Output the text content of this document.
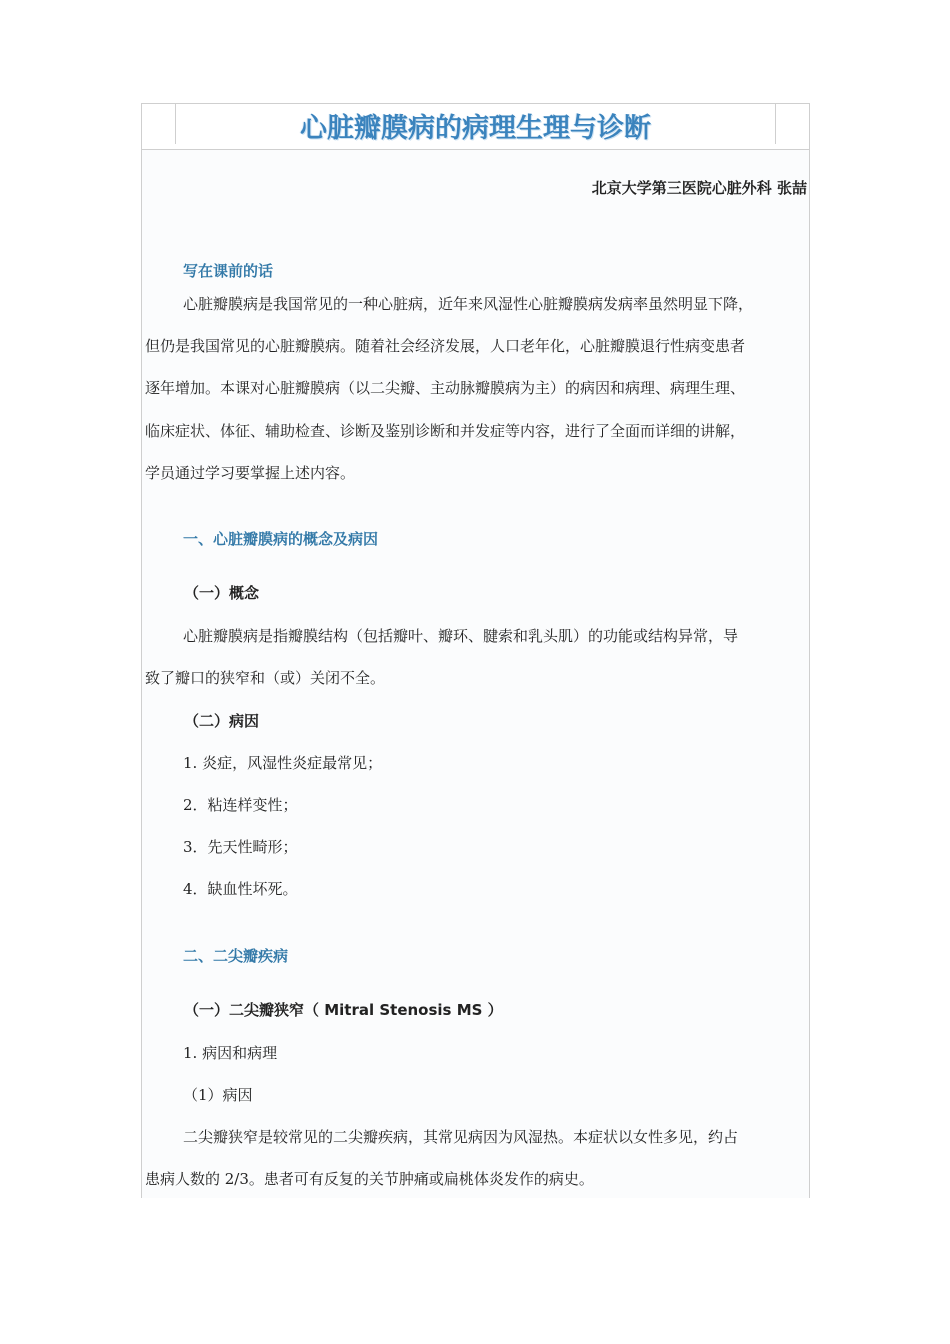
心脏瓣膜病的病理生理与诊断
北京大学第三医院心脏外科 张喆
写在课前的话
心脏瓣膜病是我国常见的一种心脏病，近年来风湿性心脏瓣膜病发病率虽然明显下降，
但仍是我国常见的心脏瓣膜病。随着社会经济发展，人口老年化，心脏瓣膜退行性病变患者
逐年增加。本课对心脏瓣膜病（以二尖瓣、主动脉瓣膜病为主）的病因和病理、病理生理、
临床症状、体征、辅助检查、诊断及鉴别诊断和并发症等内容，进行了全面而详细的讲解，
学员通过学习要掌握上述内容。
一、心脏瓣膜病的概念及病因
（一）概念
心脏瓣膜病是指瓣膜结构（包括瓣叶、瓣环、腱索和乳头肌）的功能或结构异常，导
致了瓣口的狭窄和（或）关闭不全。
（二）病因
1. 炎症，风湿性炎症最常见；
2．粘连样变性；
3．先天性畸形；
4．缺血性坏死。
二、二尖瓣疾病
（一）二尖瓣狭窄（ Mitral Stenosis MS ）
1. 病因和病理
（1）病因
二尖瓣狭窄是较常见的二尖瓣疾病，其常见病因为风湿热。本症状以女性多见，约占
患病人数的 2/3。患者可有反复的关节肿痛或扁桃体炎发作的病史。
